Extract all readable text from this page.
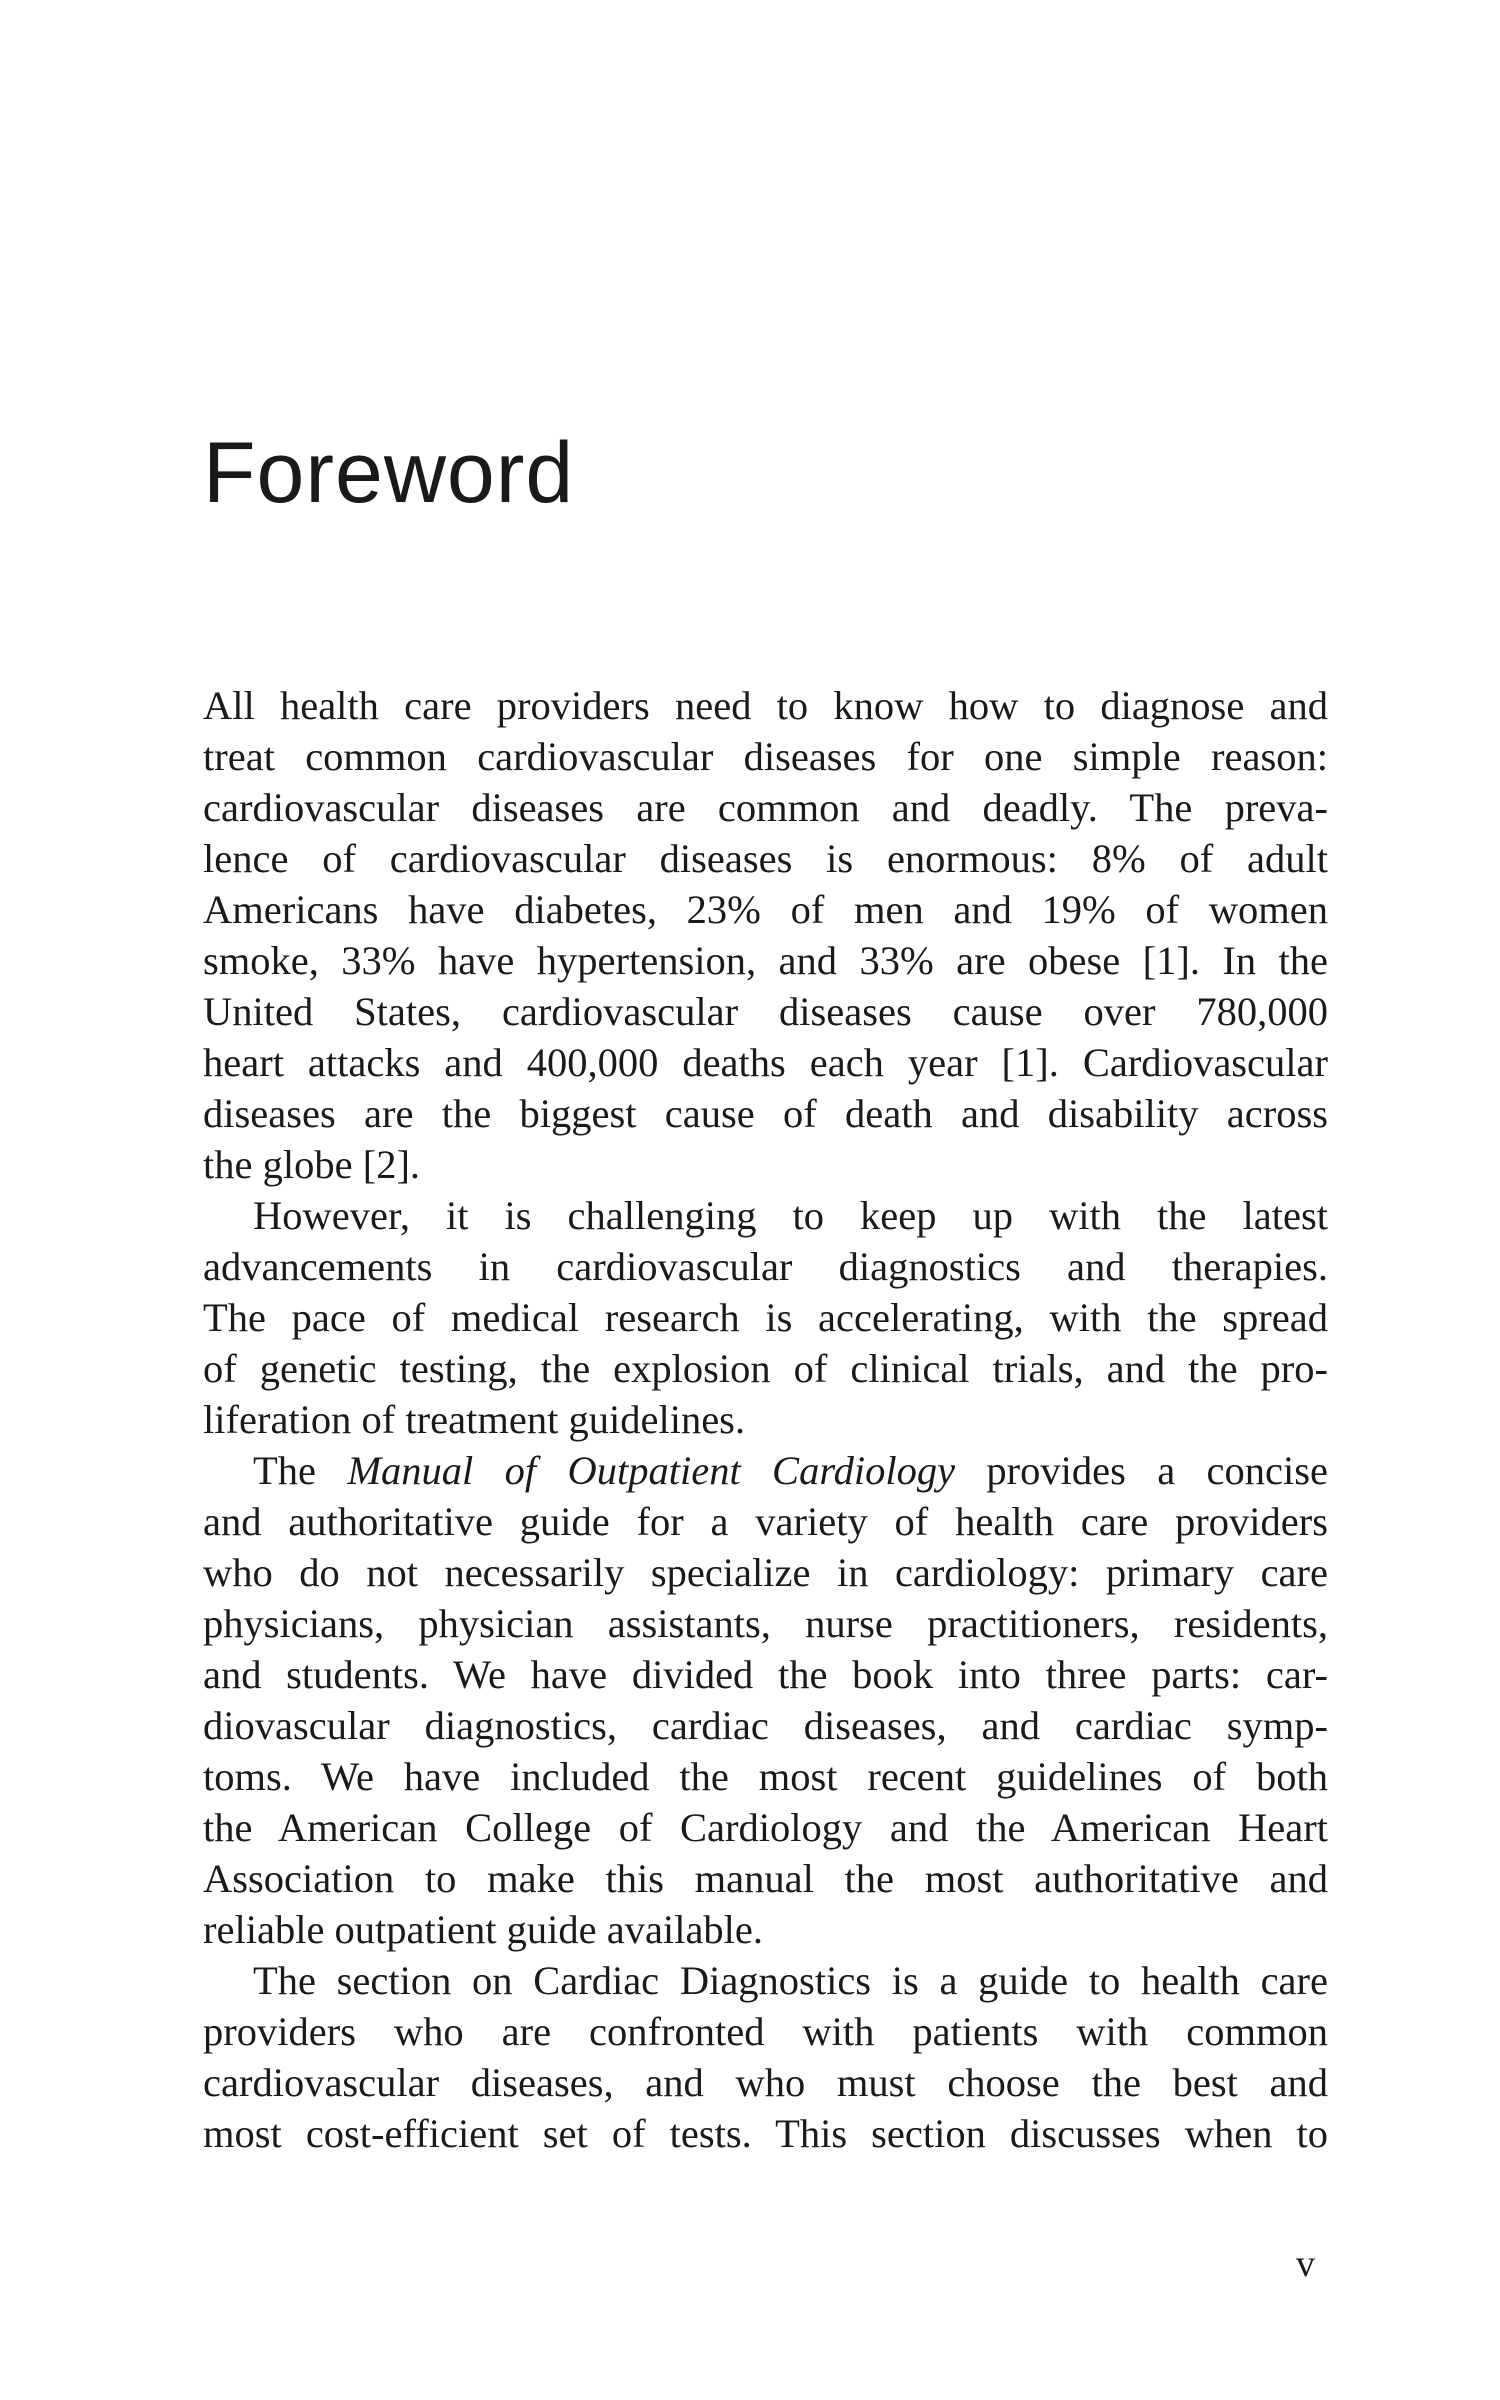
Foreword

All health care providers need to know how to diagnose and
treat common cardiovascular diseases for one simple reason:
cardiovascular diseases are common and deadly. The preva-
lence of cardiovascular diseases is enormous: 8% of adult
Americans have diabetes, 23% of men and 19% of women
smoke, 33% have hypertension, and 33% are obese [1]. In the
United States, cardiovascular diseases cause over 780,000
heart attacks and 400,000 deaths each year [1]. Cardiovascular
diseases are the biggest cause of death and disability across
the globe [2].

However, it is challenging to keep up with the latest
advancements in cardiovascular diagnostics and therapies.
The pace of medical research is accelerating, with the spread
of genetic testing, the explosion of clinical trials, and the pro-
liferation of treatment guidelines.

The Manual of Outpatient Cardiology provides a concise
and authoritative guide for a variety of health care providers
who do not necessarily specialize in cardiology: primary care
physicians, physician assistants, nurse practitioners, residents,
and students. We have divided the book into three parts: car-
diovascular diagnostics, cardiac diseases, and cardiac symp-
toms. We have included the most recent guidelines of both
the American College of Cardiology and the American Heart
Association to make this manual the most authoritative and
reliable outpatient guide available.

The section on Cardiac Diagnostics is a guide to health care
providers who are confronted with patients with common
cardiovascular diseases, and who must choose the best and
most cost-efficient set of tests. This section discusses when to

v
